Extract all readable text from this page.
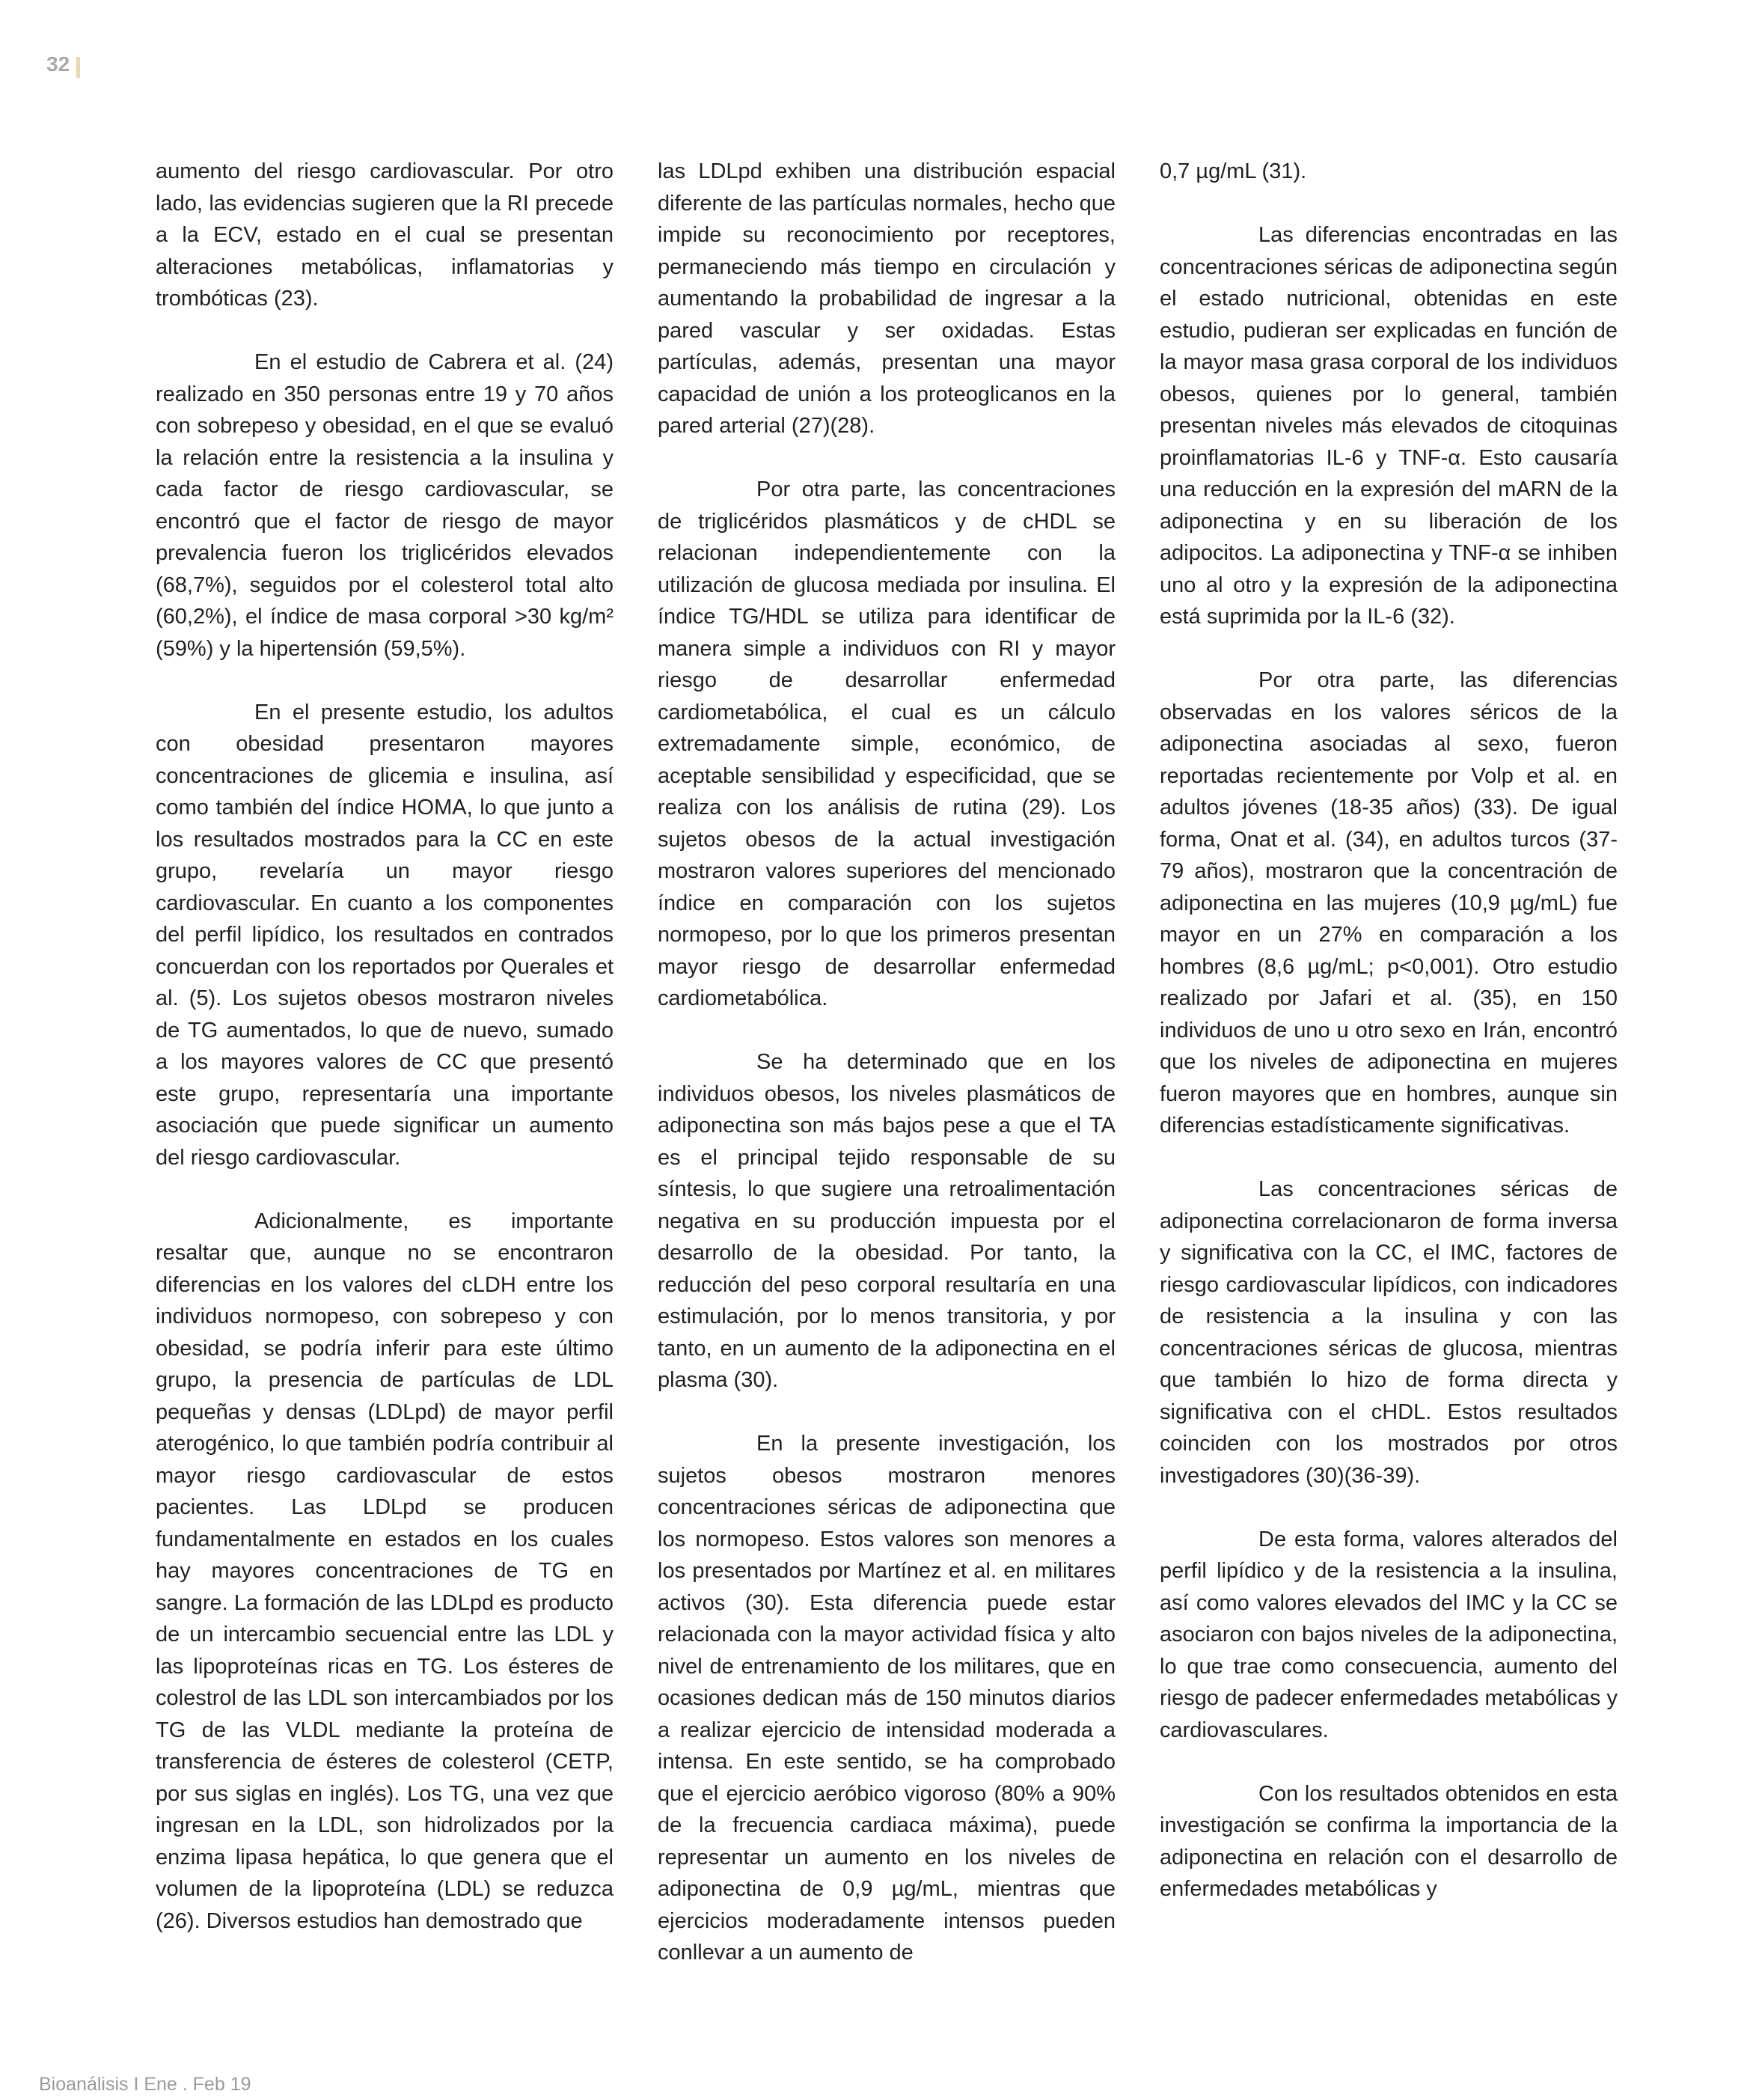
32

aumento del riesgo cardiovascular. Por otro lado, las evidencias sugieren que la RI precede a la ECV, estado en el cual se presentan alteraciones metabólicas, inflamatorias y trombóticas (23).

En el estudio de Cabrera et al. (24) realizado en 350 personas entre 19 y 70 años con sobrepeso y obesidad, en el que se evaluó la relación entre la resistencia a la insulina y cada factor de riesgo cardiovascular, se encontró que el factor de riesgo de mayor prevalencia fueron los triglicéridos elevados (68,7%), seguidos por el colesterol total alto (60,2%), el índice de masa corporal >30 kg/m² (59%) y la hipertensión (59,5%).

En el presente estudio, los adultos con obesidad presentaron mayores concentraciones de glicemia e insulina, así como también del índice HOMA, lo que junto a los resultados mostrados para la CC en este grupo, revelaría un mayor riesgo cardiovascular. En cuanto a los componentes del perfil lipídico, los resultados en contrados concuerdan con los reportados por Querales et al. (5). Los sujetos obesos mostraron niveles de TG aumentados, lo que de nuevo, sumado a los mayores valores de CC que presentó este grupo, representaría una importante asociación que puede significar un aumento del riesgo cardiovascular.

Adicionalmente, es importante resaltar que, aunque no se encontraron diferencias en los valores del cLDH entre los individuos normopeso, con sobrepeso y con obesidad, se podría inferir para este último grupo, la presencia de partículas de LDL pequeñas y densas (LDLpd) de mayor perfil aterogénico, lo que también podría contribuir al mayor riesgo cardiovascular de estos pacientes. Las LDLpd se producen fundamentalmente en estados en los cuales hay mayores concentraciones de TG en sangre. La formación de las LDLpd es producto de un intercambio secuencial entre las LDL y las lipoproteínas ricas en TG. Los ésteres de colestrol de las LDL son intercambiados por los TG de las VLDL mediante la proteína de transferencia de ésteres de colesterol (CETP, por sus siglas en inglés). Los TG, una vez que ingresan en la LDL, son hidrolizados por la enzima lipasa hepática, lo que genera que el volumen de la lipoproteína (LDL) se reduzca (26). Diversos estudios han demostrado que

las LDLpd exhiben una distribución espacial diferente de las partículas normales, hecho que impide su reconocimiento por receptores, permaneciendo más tiempo en circulación y aumentando la probabilidad de ingresar a la pared vascular y ser oxidadas. Estas partículas, además, presentan una mayor capacidad de unión a los proteoglicanos en la pared arterial (27)(28).

Por otra parte, las concentraciones de triglicéridos plasmáticos y de cHDL se relacionan independientemente con la utilización de glucosa mediada por insulina. El índice TG/HDL se utiliza para identificar de manera simple a individuos con RI y mayor riesgo de desarrollar enfermedad cardiometabólica, el cual es un cálculo extremadamente simple, económico, de aceptable sensibilidad y especificidad, que se realiza con los análisis de rutina (29). Los sujetos obesos de la actual investigación mostraron valores superiores del mencionado índice en comparación con los sujetos normopeso, por lo que los primeros presentan mayor riesgo de desarrollar enfermedad cardiometabólica.

Se ha determinado que en los individuos obesos, los niveles plasmáticos de adiponectina son más bajos pese a que el TA es el principal tejido responsable de su síntesis, lo que sugiere una retroalimentación negativa en su producción impuesta por el desarrollo de la obesidad. Por tanto, la reducción del peso corporal resultaría en una estimulación, por lo menos transitoria, y por tanto, en un aumento de la adiponectina en el plasma (30).

En la presente investigación, los sujetos obesos mostraron menores concentraciones séricas de adiponectina que los normopeso. Estos valores son menores a los presentados por Martínez et al. en militares activos (30). Esta diferencia puede estar relacionada con la mayor actividad física y alto nivel de entrenamiento de los militares, que en ocasiones dedican más de 150 minutos diarios a realizar ejercicio de intensidad moderada a intensa. En este sentido, se ha comprobado que el ejercicio aeróbico vigoroso (80% a 90% de la frecuencia cardiaca máxima), puede representar un aumento en los niveles de adiponectina de 0,9 µg/mL, mientras que ejercicios moderadamente intensos pueden conllevar a un aumento de

0,7 µg/mL (31).

Las diferencias encontradas en las concentraciones séricas de adiponectina según el estado nutricional, obtenidas en este estudio, pudieran ser explicadas en función de la mayor masa grasa corporal de los individuos obesos, quienes por lo general, también presentan niveles más elevados de citoquinas proinflamatorias IL-6 y TNF-α. Esto causaría una reducción en la expresión del mARN de la adiponectina y en su liberación de los adipocitos. La adiponectina y TNF-α se inhiben uno al otro y la expresión de la adiponectina está suprimida por la IL-6 (32).

Por otra parte, las diferencias observadas en los valores séricos de la adiponectina asociadas al sexo, fueron reportadas recientemente por Volp et al. en adultos jóvenes (18-35 años) (33). De igual forma, Onat et al. (34), en adultos turcos (37-79 años), mostraron que la concentración de adiponectina en las mujeres (10,9 µg/mL) fue mayor en un 27% en comparación a los hombres (8,6 µg/mL; p<0,001). Otro estudio realizado por Jafari et al. (35), en 150 individuos de uno u otro sexo en Irán, encontró que los niveles de adiponectina en mujeres fueron mayores que en hombres, aunque sin diferencias estadísticamente significativas.

Las concentraciones séricas de adiponectina correlacionaron de forma inversa y significativa con la CC, el IMC, factores de riesgo cardiovascular lipídicos, con indicadores de resistencia a la insulina y con las concentraciones séricas de glucosa, mientras que también lo hizo de forma directa y significativa con el cHDL. Estos resultados coinciden con los mostrados por otros investigadores (30)(36-39).

De esta forma, valores alterados del perfil lipídico y de la resistencia a la insulina, así como valores elevados del IMC y la CC se asociaron con bajos niveles de la adiponectina, lo que trae como consecuencia, aumento del riesgo de padecer enfermedades metabólicas y cardiovasculares.

Con los resultados obtenidos en esta investigación se confirma la importancia de la adiponectina en relación con el desarrollo de enfermedades metabólicas y

Bioanálisis I Ene . Feb 19
